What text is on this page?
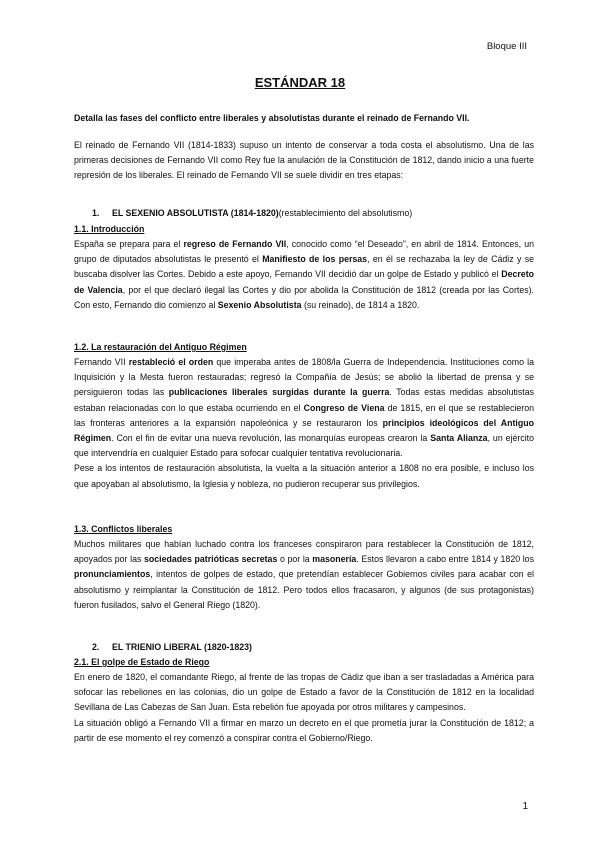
Bloque III
ESTÁNDAR 18
Detalla las fases del conflicto entre liberales y absolutistas durante el reinado de Fernando VII.
El reinado de Fernando VII (1814-1833) supuso un intento de conservar a toda costa el absolutismo. Una de las primeras decisiones de Fernando VII como Rey fue la anulación de la Constitución de 1812, dando inicio a una fuerte represión de los liberales. El reinado de Fernando VII se suele dividir en tres etapas:
1. EL SEXENIO ABSOLUTISTA (1814-1820)(restablecimiento del absolutismo)
1.1. Introducción
España se prepara para el regreso de Fernando VII, conocido como “el Deseado”, en abril de 1814. Entonces, un grupo de diputados absolutistas le presentó el Manifiesto de los persas, en él se rechazaba la ley de Cádiz y se buscaba disolver las Cortes. Debido a este apoyo, Fernando VII decidió dar un golpe de Estado y publicó el Decreto de Valencia, por el que declaró ilegal las Cortes y dio por abolida la Constitución de 1812 (creada por las Cortes). Con esto, Fernando dio comienzo al Sexenio Absolutista (su reinado), de 1814 a 1820.
1.2. La restauración del Antiguo Régimen
Fernando VII restableció el orden que imperaba antes de 1808/la Guerra de Independencia. Instituciones como la Inquisición y la Mesta fueron restauradas; regresó la Compañía de Jesús; se abolió la libertad de prensa y se persiguieron todas las publicaciones liberales surgidas durante la guerra. Todas estas medidas absolutistas estaban relacionadas con lo que estaba ocurriendo en el Congreso de Viena de 1815, en el que se restablecieron las fronteras anteriores a la expansión napoleónica y se restauraron los principios ideológicos del Antiguo Régimen. Con el fin de evitar una nueva revolución, las monarquías europeas crearon la Santa Alianza, un ejército que intervendría en cualquier Estado para sofocar cualquier tentativa revolucionaria.
Pese a los intentos de restauración absolutista, la vuelta a la situación anterior a 1808 no era posible, e incluso los que apoyaban al absolutismo, la Iglesia y nobleza, no pudieron recuperar sus privilegios.
1.3. Conflictos liberales
Muchos militares que habían luchado contra los franceses conspiraron para restablecer la Constitución de 1812, apoyados por las sociedades patrióticas secretas o por la masonería. Estos llevaron a cabo entre 1814 y 1820 los pronunciamientos, intentos de golpes de estado, que pretendían establecer Gobiernos civiles para acabar con el absolutismo y reimplantar la Constitución de 1812. Pero todos ellos fracasaron, y algunos (de sus protagonistas) fueron fusilados, salvo el General Riego (1820).
2. EL TRIENIO LIBERAL (1820-1823)
2.1. El golpe de Estado de Riego
En enero de 1820, el comandante Riego, al frente de las tropas de Cádiz que iban a ser trasladadas a América para sofocar las rebeliones en las colonias, dio un golpe de Estado a favor de la Constitución de 1812 en la localidad Sevillana de Las Cabezas de San Juan. Esta rebelión fue apoyada por otros militares y campesinos.
La situación obligó a Fernando VII a firmar en marzo un decreto en el que prometía jurar la Constitución de 1812; a partir de ese momento el rey comenzó a conspirar contra el Gobierno/Riego.
1
